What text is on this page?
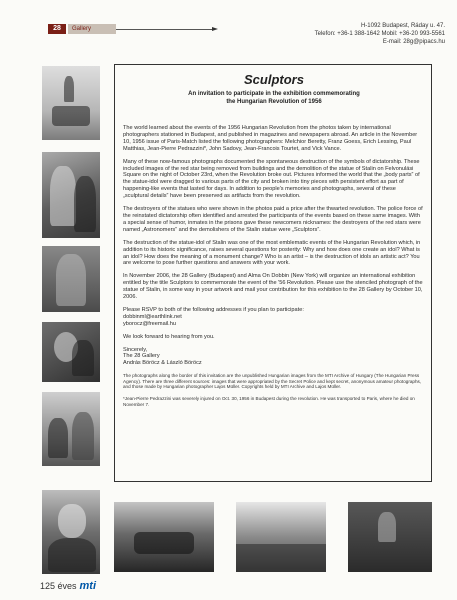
28	Gallery	H-1092 Budapest, Ráday u. 47.
Telefon: +36-1 388-1642 Mobil: +36-20 993-5561
E-mail: 28g@pipacs.hu
Sculptors
An invitation to participate in the exhibition commemorating
the Hungarian Revolution of 1956

The world learned about the events of the 1956 Hungarian Revolution from the photos taken by international photographers stationed in Budapest, and published in magazines and newspapers abroad. An article in the November 10, 1956 issue of Paris-Match listed the following photographers: Melchior Beretty, Franz Goess, Erich Lessing, Paul Matthias, Jean-Pierre Pedrazzini*, John Sadovy, Jean-Francois Tourtet, and Vick Vance.

Many of these now-famous photographs documented the spontaneous destruction of the symbols of dictatorship. These included images of the red star being removed from buildings and the demolition of the statue of Stalin on Felvonulási Square on the night of October 23rd, when the Revolution broke out. Pictures informed the world that the „body parts” of the statue-idol were dragged to various parts of the city and broken into tiny pieces with persistent effort as part of happening-like events that lasted for days. In addition to people's memories and photographs, several of these „sculptural details” have been preserved as artifacts from the revolution.

The destroyers of the statues who were shown in the photos paid a price after the thwarted revolution. The police force of the reinstated dictatorship often identified and arrested the participants of the events based on these same images. With a special sense of humor, inmates in the prisons gave these newcomers nicknames: the destroyers of the red stars were named „Astronomers” and the demolishers of the Stalin statue were „Sculptors”.

The destruction of the statue-idol of Stalin was one of the most emblematic events of the Hungarian Revolution which, in addition to its historic significance, raises several questions for posterity: Why and how does one create an idol? What is an idol? How does the meaning of a monument change? Who is an artist – is the destruction of idols an artistic act? You are welcome to pose further questions and answers with your work.

In November 2006, the 28 Gallery (Budapest) and Alma On Dobbin (New York) will organize an international exhibition entitled by the title Sculptors to commemorate the event of the '56 Revolution. Please use the stenciled photograph of the statue of Stalin, in some way in your artwork and mail your contribution for this exhibition to the 28 Gallery by October 10, 2006.

Please RSVP to both of the following addresses if you plan to participate:

dobbinml@earthlink.net

yborocz@freemail.hu

We look forward to hearing from you.

Sincerely,

The 28 Gallery

András Böröcz & László Böröcz

The photographs along the border of this invitation are the unpublished Hungarian images from the MTI Archive of Hungary (The Hungarian Press Agency). There are three different sources: images that were appropriated by the Secret Police and kept secret, anonymous amateur photographs, and those made by Hungarian photographer Lajos Müller. Copyrights held by MTI Archive and Lajos Müller.

*Jean-Pierre Pedrazzini was severely injured on Oct. 30, 1956 in Budapest during the revolution. He was transported to Paris, where he died on November 7.

125 éves mti
